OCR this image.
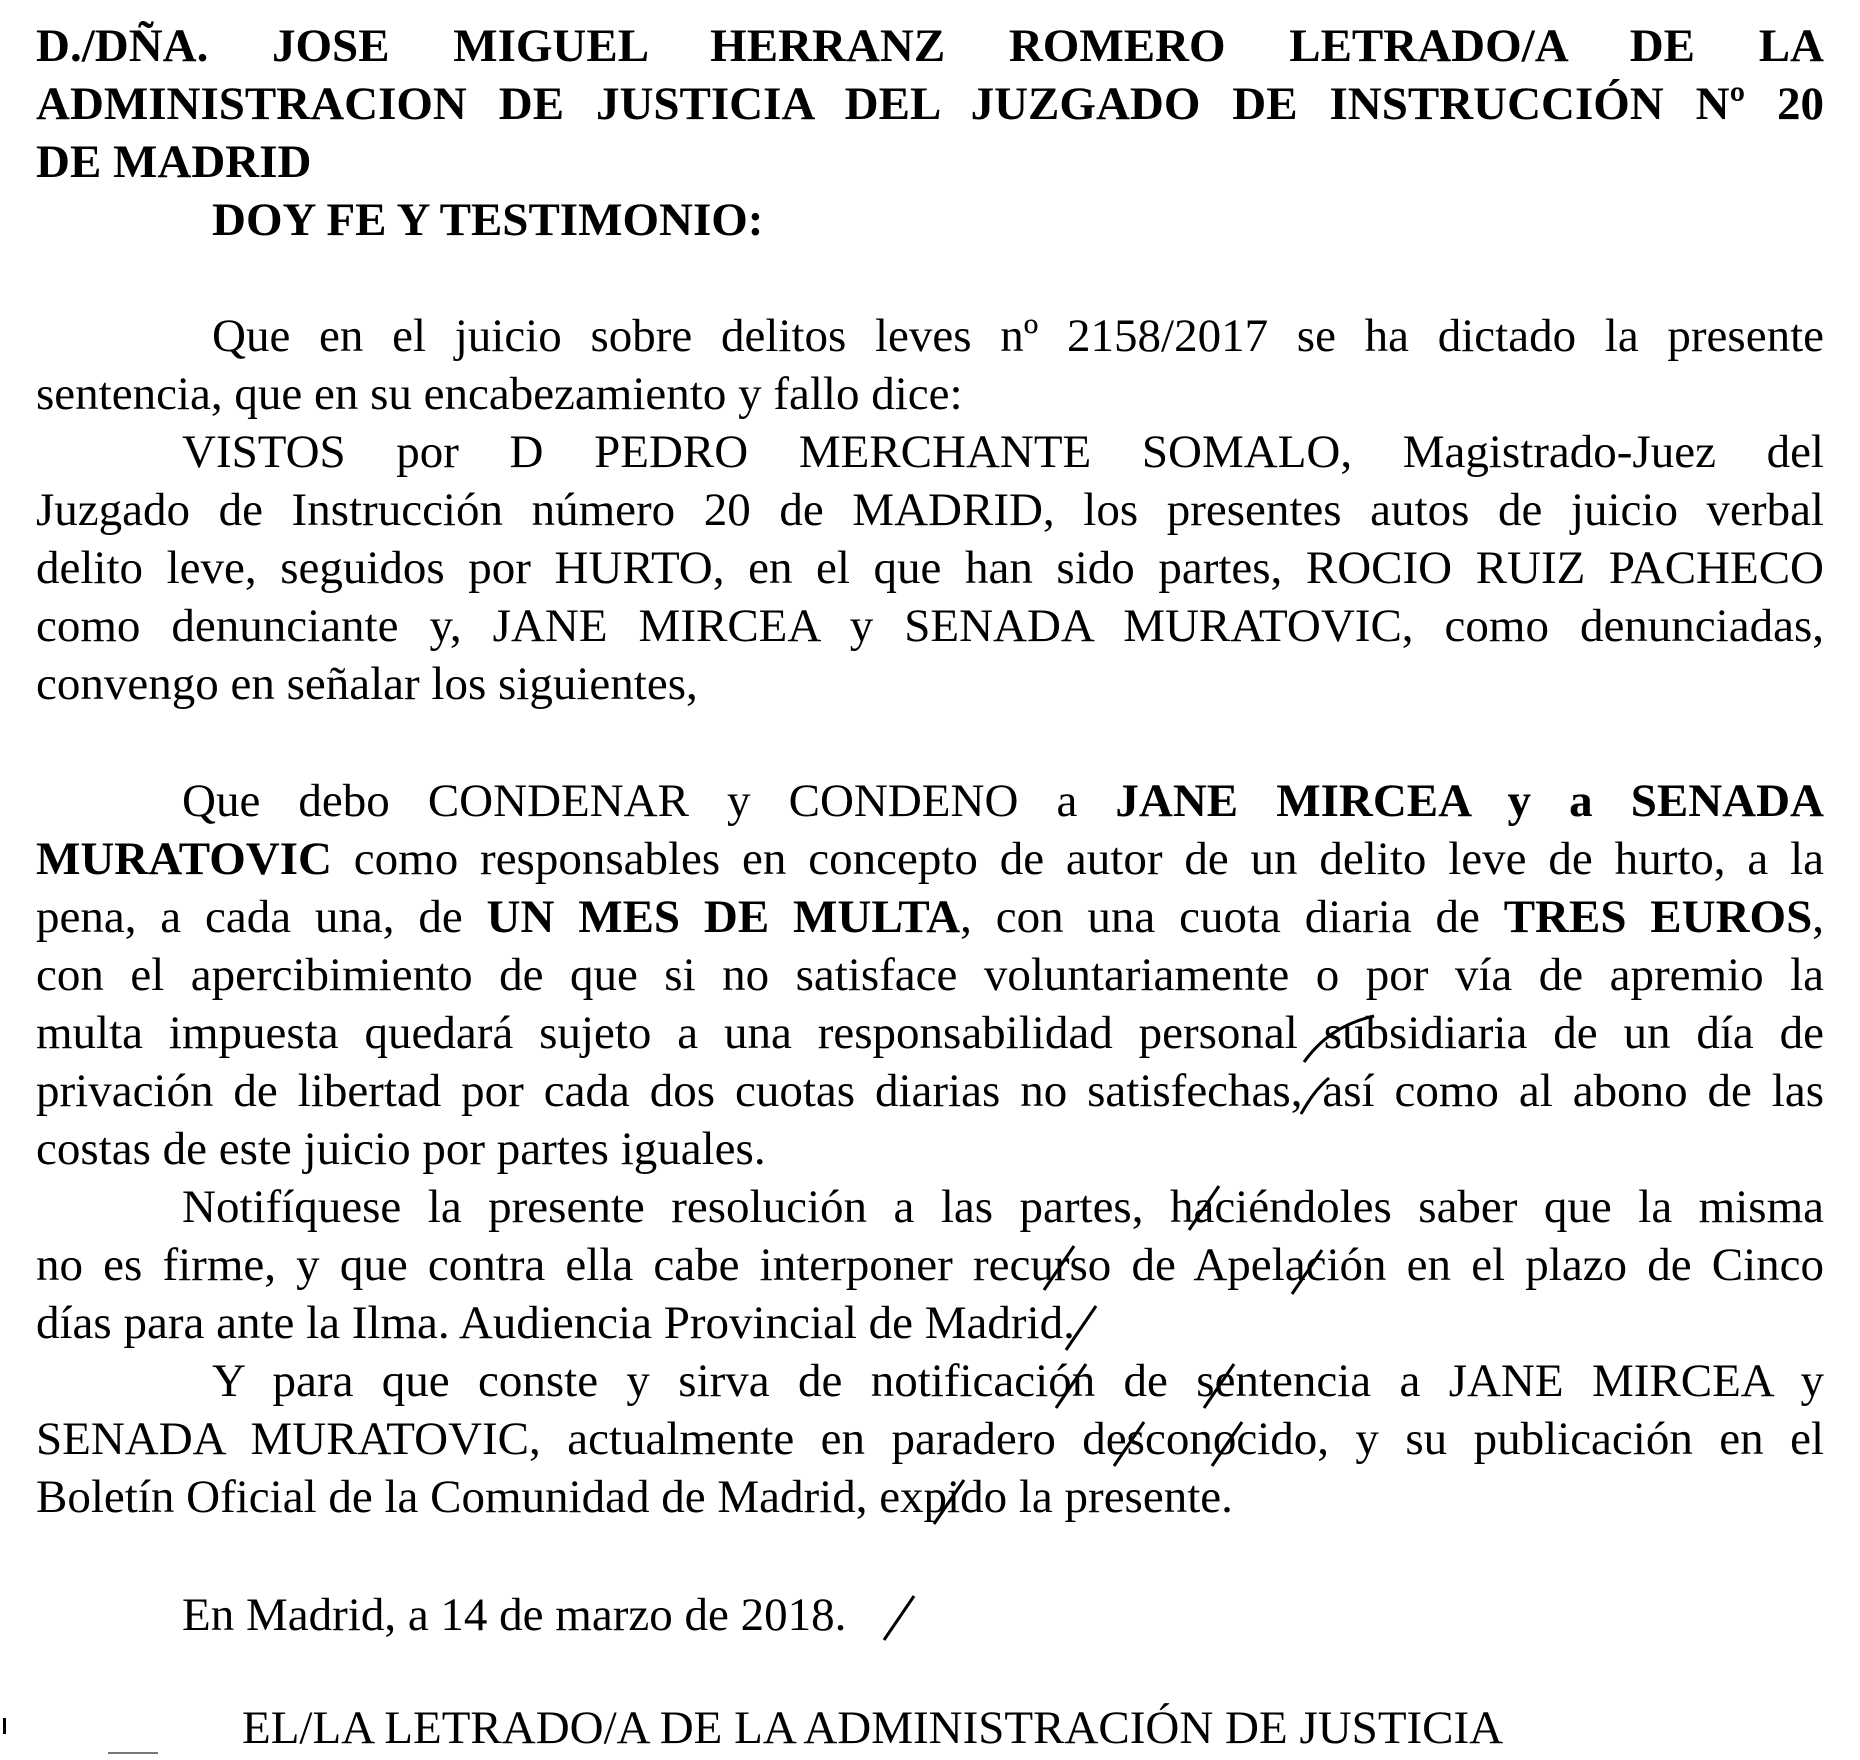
D./DÑA. JOSE MIGUEL HERRANZ ROMERO LETRADO/A DE LA
ADMINISTRACION DE JUSTICIA DEL JUZGADO DE INSTRUCCIÓN Nº 20
DE MADRID
DOY FE Y TESTIMONIO:
Que en el juicio sobre delitos leves nº 2158/2017 se ha dictado la presente
sentencia, que en su encabezamiento y fallo dice:
VISTOS por D PEDRO MERCHANTE SOMALO, Magistrado-Juez del
Juzgado de Instrucción número 20 de MADRID, los presentes autos de juicio verbal
delito leve, seguidos por HURTO, en el que han sido partes, ROCIO RUIZ PACHECO
como denunciante y, JANE MIRCEA y SENADA MURATOVIC, como denunciadas,
convengo en señalar los siguientes,
Que debo CONDENAR y CONDENO a JANE MIRCEA y a SENADA
MURATOVIC como responsables en concepto de autor de un delito leve de hurto, a la
pena, a cada una, de UN MES DE MULTA, con una cuota diaria de TRES EUROS,
con el apercibimiento de que si no satisface voluntariamente o por vía de apremio la
multa impuesta quedará sujeto a una responsabilidad personal subsidiaria de un día de
privación de libertad por cada dos cuotas diarias no satisfechas, así como al abono de las
costas de este juicio por partes iguales.
Notifíquese la presente resolución a las partes, haciéndoles saber que la misma
no es firme, y que contra ella cabe interponer recurso de Apelación en el plazo de Cinco
días para ante la Ilma. Audiencia Provincial de Madrid.
Y para que conste y sirva de notificación de sentencia a JANE MIRCEA y
SENADA MURATOVIC, actualmente en paradero desconocido, y su publicación en el
Boletín Oficial de la Comunidad de Madrid, expido la presente.
En Madrid, a 14 de marzo de 2018.
EL/LA LETRADO/A DE LA ADMINISTRACIÓN DE JUSTICIA
